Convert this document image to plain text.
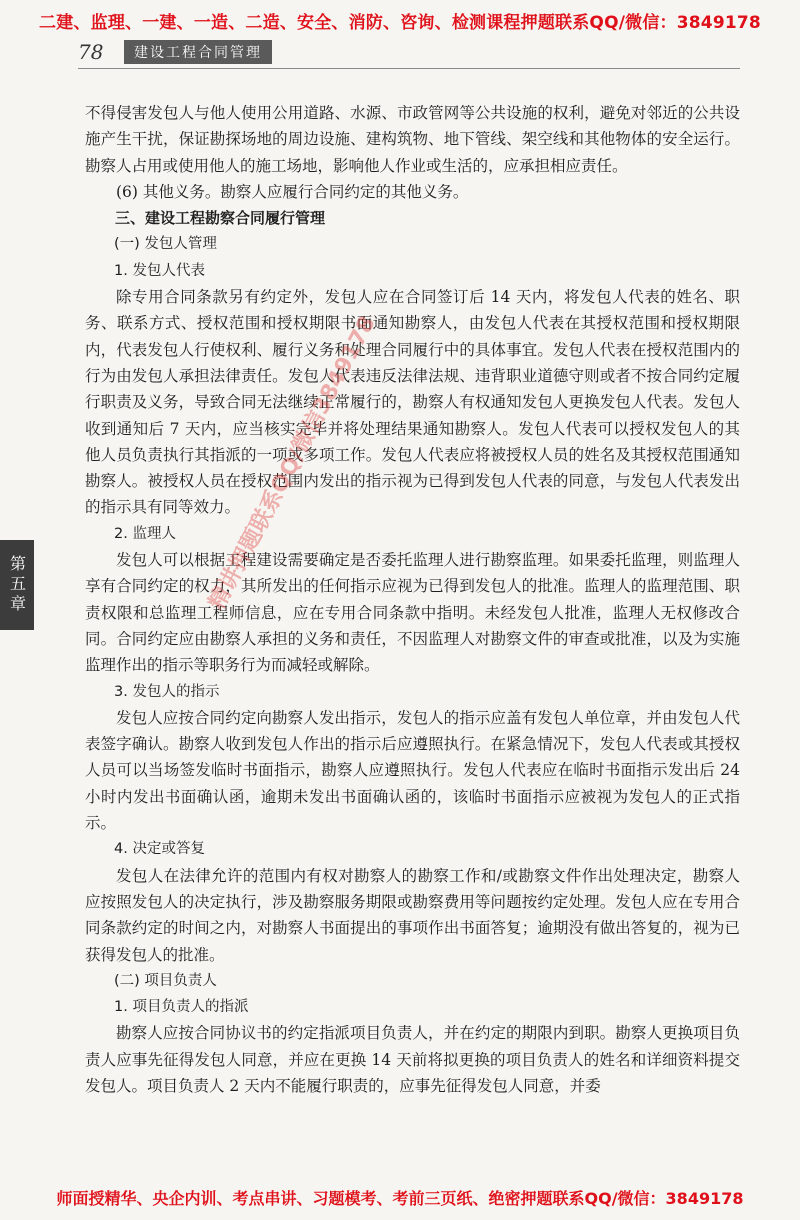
二建、监理、一建、一造、二造、安全、消防、咨询、检测课程押题联系QQ/微信：3849178
78	建设工程合同管理
第五章

不得侵害发包人与他人使用公用道路、水源、市政管网等公共设施的权利，避免对邻近的公共设施产生干扰，保证勘探场地的周边设施、建构筑物、地下管线、架空线和其他物体的安全运行。勘察人占用或使用他人的施工场地，影响他人作业或生活的，应承担相应责任。

(6) 其他义务。勘察人应履行合同约定的其他义务。

三、建设工程勘察合同履行管理

(一) 发包人管理

1. 发包人代表

除专用合同条款另有约定外，发包人应在合同签订后 14 天内，将发包人代表的姓名、职务、联系方式、授权范围和授权期限书面通知勘察人，由发包人代表在其授权范围和授权期限内，代表发包人行使权利、履行义务和处理合同履行中的具体事宜。发包人代表在授权范围内的行为由发包人承担法律责任。发包人代表违反法律法规、违背职业道德守则或者不按合同约定履行职责及义务，导致合同无法继续正常履行的，勘察人有权通知发包人更换发包人代表。发包人收到通知后 7 天内，应当核实完毕并将处理结果通知勘察人。发包人代表可以授权发包人的其他人员负责执行其指派的一项或多项工作。发包人代表应将被授权人员的姓名及其授权范围通知勘察人。被授权人员在授权范围内发出的指示视为已得到发包人代表的同意，与发包人代表发出的指示具有同等效力。

2. 监理人

发包人可以根据工程建设需要确定是否委托监理人进行勘察监理。如果委托监理，则监理人享有合同约定的权力，其所发出的任何指示应视为已得到发包人的批准。监理人的监理范围、职责权限和总监理工程师信息，应在专用合同条款中指明。未经发包人批准，监理人无权修改合同。合同约定应由勘察人承担的义务和责任，不因监理人对勘察文件的审查或批准，以及为实施监理作出的指示等职务行为而减轻或解除。

3. 发包人的指示

发包人应按合同约定向勘察人发出指示，发包人的指示应盖有发包人单位章，并由发包人代表签字确认。勘察人收到发包人作出的指示后应遵照执行。在紧急情况下，发包人代表或其授权人员可以当场签发临时书面指示，勘察人应遵照执行。发包人代表应在临时书面指示发出后 24 小时内发出书面确认函，逾期未发出书面确认函的，该临时书面指示应被视为发包人的正式指示。

4. 决定或答复

发包人在法律允许的范围内有权对勘察人的勘察工作和/或勘察文件作出处理决定，勘察人应按照发包人的决定执行，涉及勘察服务期限或勘察费用等问题按约定处理。发包人应在专用合同条款约定的时间之内，对勘察人书面提出的事项作出书面答复；逾期没有做出答复的，视为已获得发包人的批准。

(二) 项目负责人

1. 项目负责人的指派

勘察人应按合同协议书的约定指派项目负责人，并在约定的期限内到职。勘察人更换项目负责人应事先征得发包人同意，并应在更换 14 天前将拟更换的项目负责人的姓名和详细资料提交发包人。项目负责人 2 天内不能履行职责的，应事先征得发包人同意，并委

精讲押题联系QQ/微信3849178
师面授精华、央企内训、考点串讲、习题模考、考前三页纸、绝密押题联系QQ/微信：3849178
